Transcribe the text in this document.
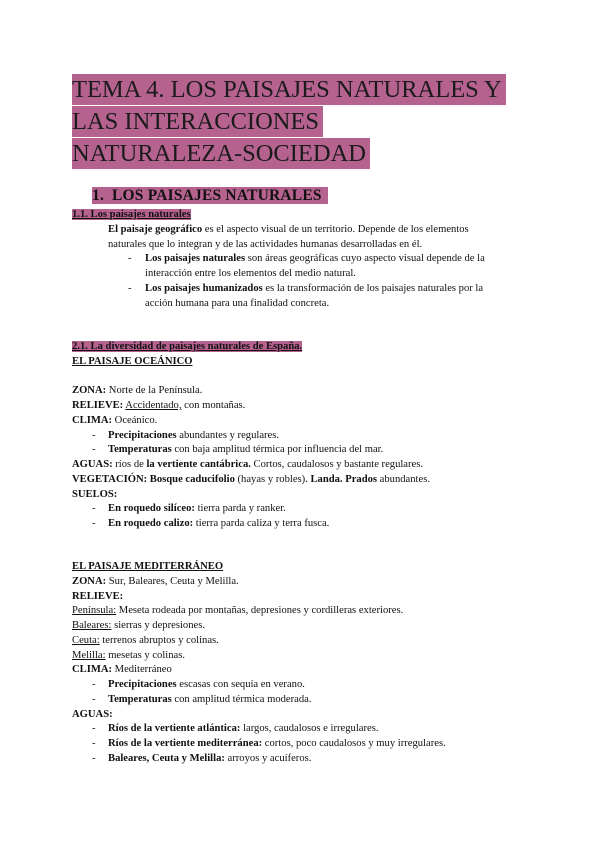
TEMA 4. LOS PAISAJES NATURALES Y
LAS INTERACCIONES
NATURALEZA-SOCIEDAD
1. LOS PAISAJES NATURALES
1.1. Los paisajes naturales
El paisaje geográfico es el aspecto visual de un territorio. Depende de los elementos
naturales que lo integran y de las actividades humanas desarrolladas en él.
- Los paisajes naturales son áreas geográficas cuyo aspecto visual depende de la
interacción entre los elementos del medio natural.
- Los paisajes humanizados es la transformación de los paisajes naturales por la
acción humana para una finalidad concreta.
2.1. La diversidad de paisajes naturales de España.
EL PAISAJE OCEÁNICO
ZONA: Norte de la Península.
RELIEVE: Accidentado, con montañas.
CLIMA: Oceánico.
- Precipitaciones abundantes y regulares.
- Temperaturas con baja amplitud térmica por influencia del mar.
AGUAS: ríos de la vertiente cantábrica. Cortos, caudalosos y bastante regulares.
VEGETACIÓN: Bosque caducifolio (hayas y robles). Landa. Prados abundantes.
SUELOS:
- En roquedo silíceo: tierra parda y ranker.
- En roquedo calizo: tierra parda caliza y terra fusca.
EL PAISAJE MEDITERRÁNEO
ZONA: Sur, Baleares, Ceuta y Melilla.
RELIEVE:
Península: Meseta rodeada por montañas, depresiones y cordilleras exteriores.
Baleares: sierras y depresiones.
Ceuta: terrenos abruptos y colinas.
Melilla: mesetas y colinas.
CLIMA: Mediterráneo
- Precipitaciones escasas con sequía en verano.
- Temperaturas con amplitud térmica moderada.
AGUAS:
- Ríos de la vertiente atlántica: largos, caudalosos e irregulares.
- Ríos de la vertiente mediterránea: cortos, poco caudalosos y muy irregulares.
- Baleares, Ceuta y Melilla: arroyos y acuíferos.
